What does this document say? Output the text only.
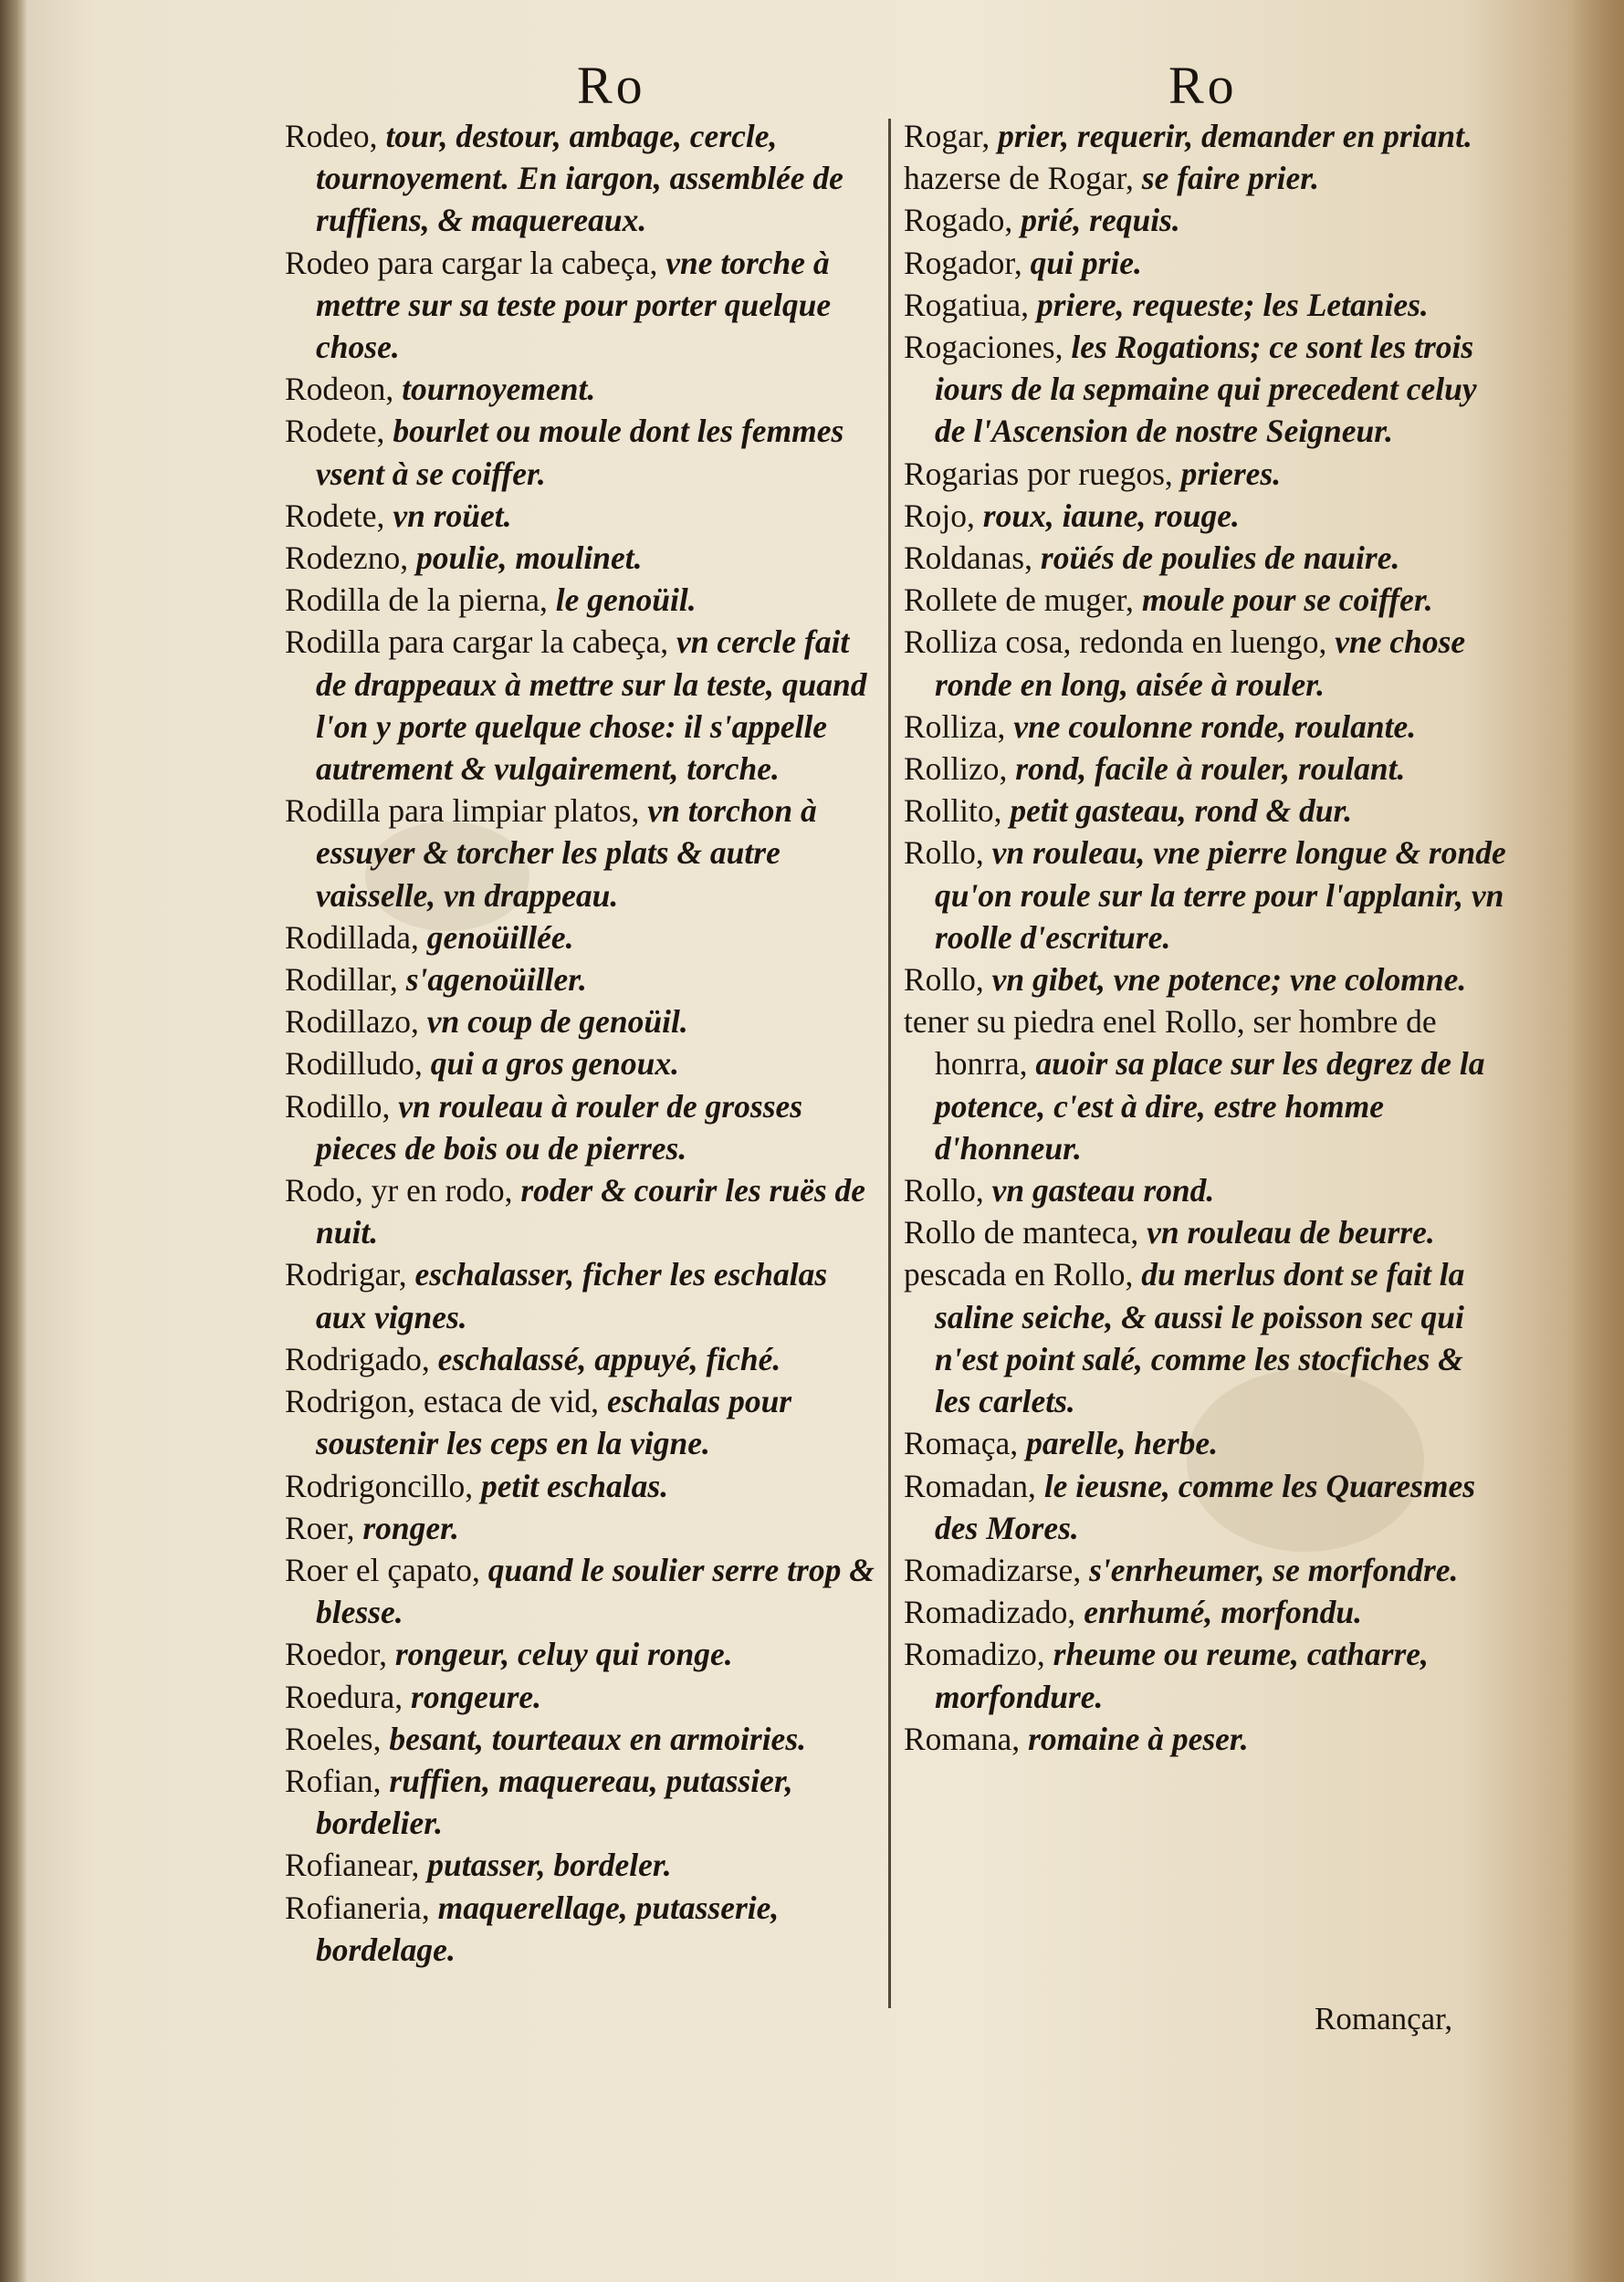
Ro	Ro

Rodeo, tour, destour, ambage, cercle, tournoyement. En iargon, assemblée de ruffiens, & maquereaux.

Rodeo para cargar la cabeça, vne torche à mettre sur sa teste pour porter quelque chose.

Rodeon, tournoyement.

Rodete, bourlet ou moule dont les femmes vsent à se coiffer.

Rodete, vn roüet.

Rodezno, poulie, moulinet.

Rodilla de la pierna, le genoüil.

Rodilla para cargar la cabeça, vn cercle fait de drappeaux à mettre sur la teste, quand l'on y porte quelque chose: il s'appelle autrement & vulgairement, torche.

Rodilla para limpiar platos, vn torchon à essuyer & torcher les plats & autre vaisselle, vn drappeau.

Rodillada, genoüillée.

Rodillar, s'agenoüiller.

Rodillazo, vn coup de genoüil.

Rodilludo, qui a gros genoux.

Rodillo, vn rouleau à rouler de grosses pieces de bois ou de pierres.

Rodo, yr en rodo, roder & courir les ruës de nuit.

Rodrigar, eschalasser, ficher les eschalas aux vignes.

Rodrigado, eschalassé, appuyé, fiché.

Rodrigon, estaca de vid, eschalas pour soustenir les ceps en la vigne.

Rodrigoncillo, petit eschalas.

Roer, ronger.

Roer el çapato, quand le soulier serre trop & blesse.

Roedor, rongeur, celuy qui ronge.

Roedura, rongeure.

Roeles, besant, tourteaux en armoiries.

Rofian, ruffien, maquereau, putassier, bordelier.

Rofianear, putasser, bordeler.

Rofianeria, maquerellage, putasserie, bordelage.

Rogar, prier, requerir, demander en priant.

hazerse de Rogar, se faire prier.

Rogado, prié, requis.

Rogador, qui prie.

Rogatiua, priere, requeste; les Letanies.

Rogaciones, les Rogations; ce sont les trois iours de la sepmaine qui precedent celuy de l'Ascension de nostre Seigneur.

Rogarias por ruegos, prieres.

Rojo, roux, iaune, rouge.

Roldanas, roüés de poulies de nauire.

Rollete de muger, moule pour se coiffer.

Rolliza cosa, redonda en luengo, vne chose ronde en long, aisée à rouler.

Rolliza, vne coulonne ronde, roulante.

Rollizo, rond, facile à rouler, roulant.

Rollito, petit gasteau, rond & dur.

Rollo, vn rouleau, vne pierre longue & ronde qu'on roule sur la terre pour l'applanir, vn roolle d'escriture.

Rollo, vn gibet, vne potence; vne colomne.

tener su piedra enel Rollo, ser hombre de honrra, auoir sa place sur les degrez de la potence, c'est à dire, estre homme d'honneur.

Rollo, vn gasteau rond.

Rollo de manteca, vn rouleau de beurre.

pescada en Rollo, du merlus dont se fait la saline seiche, & aussi le poisson sec qui n'est point salé, comme les stocfiches & les carlets.

Romaça, parelle, herbe.

Romadan, le ieusne, comme les Quaresmes des Mores.

Romadizarse, s'enrheumer, se morfondre.

Romadizado, enrhumé, morfondu.

Romadizo, rheume ou reume, catharre, morfondure.

Romana, romaine à peser.

Romançar,
